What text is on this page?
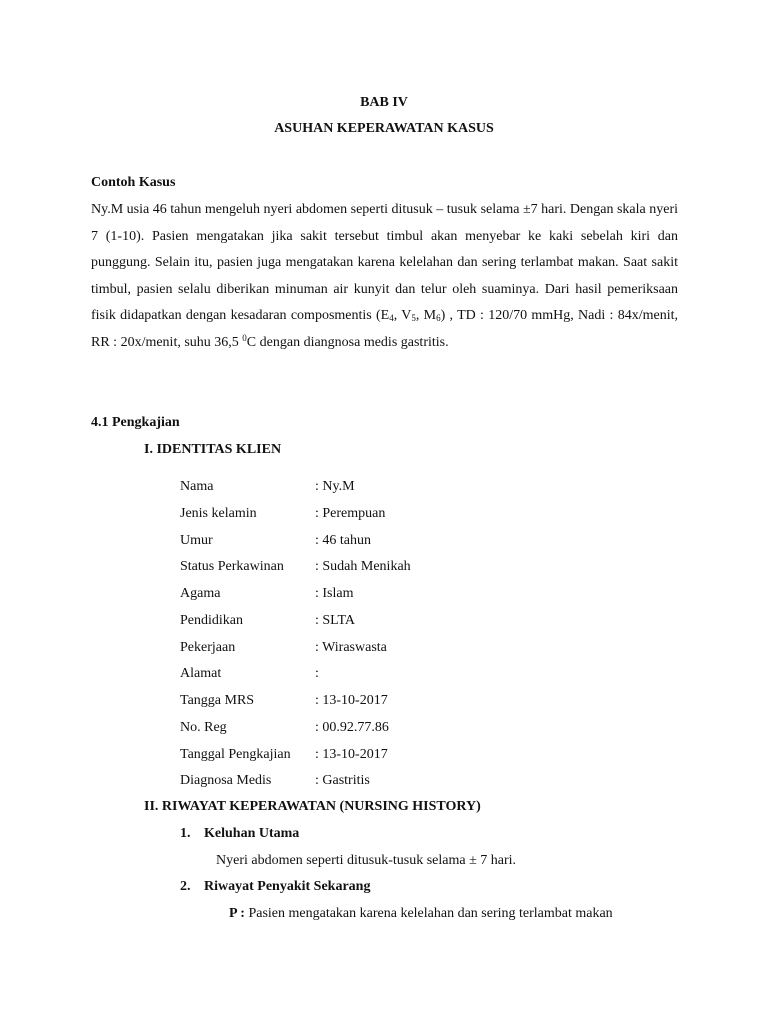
BAB IV
ASUHAN KEPERAWATAN KASUS
Contoh Kasus
Ny.M usia 46 tahun mengeluh nyeri abdomen seperti ditusuk – tusuk selama ±7 hari. Dengan skala nyeri 7 (1-10). Pasien mengatakan jika sakit tersebut timbul akan menyebar ke kaki sebelah kiri dan punggung. Selain itu, pasien juga mengatakan karena kelelahan dan sering terlambat makan. Saat sakit timbul, pasien selalu diberikan minuman air kunyit dan telur oleh suaminya. Dari hasil pemeriksaan fisik didapatkan dengan kesadaran composmentis ($E_4$, $V_5$, $M_6$) , TD : 120/70 mmHg, Nadi : 84x/menit, RR : 20x/menit, suhu 36,5 $^0$C dengan diangnosa medis gastritis.
4.1 Pengkajian
I. IDENTITAS KLIEN
Nama	: Ny.M
Jenis kelamin	: Perempuan
Umur	: 46 tahun
Status Perkawinan : Sudah Menikah
Agama	: Islam
Pendidikan	: SLTA
Pekerjaan	: Wiraswasta
Alamat	:
Tangga MRS	: 13-10-2017
No. Reg	: 00.92.77.86
Tanggal Pengkajian : 13-10-2017
Diagnosa Medis	: Gastritis
II. RIWAYAT KEPERAWATAN (NURSING HISTORY)
1. Keluhan Utama
Nyeri abdomen seperti ditusuk-tusuk selama ± 7 hari.
2. Riwayat Penyakit Sekarang
P : Pasien mengatakan karena kelelahan dan sering terlambat makan
